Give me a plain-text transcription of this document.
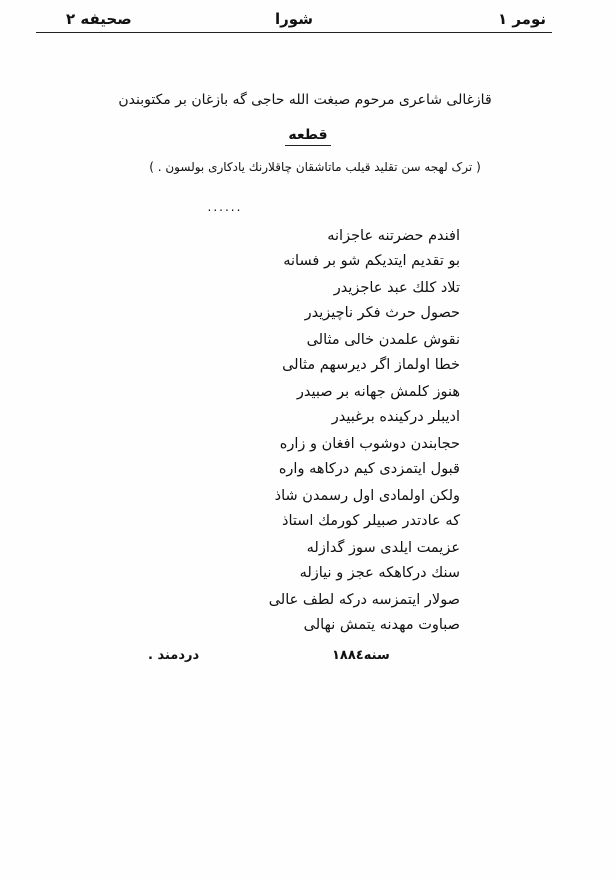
نومر ۱
شورا
صحیفه ۲
قازغالی شاعری مرحوم صبغت الله حاجی گه بازغان بر مکتوبندن
قطعه
( ترک لهجه سن تقلید قیلب ماتاشقان چاقلارنك یادکاری بولسون . )
......
افندم حضرتنه عاجزانه
بو تقدیم ایتدیکم شو بر فسانه
تلاد کلك عبد عاجزیدر
حصول حرث فکر ناچیزیدر
نقوش علمدن خالی مثالی
خطا اولماز اگر دیرسهم مثالی
هنوز کلمش جهانه بر صبیدر
ادیبلر درکینده برغبیدر
حجابندن دوشوب افغان و زاره
قبول ایتمزدی کیم درکاهه واره
ولکن اولمادی اول رسمدن شاذ
که عادتدر صبیلر کورمك استاذ
عزیمت ایلدی سوز گدازله
سنك درکاهکه عجز و نیازله
صولار ایتمزسه درکه لطف عالی
صباوت مهدنه یتمش نهالی
دردمند .	سنه۱۸۸٤
